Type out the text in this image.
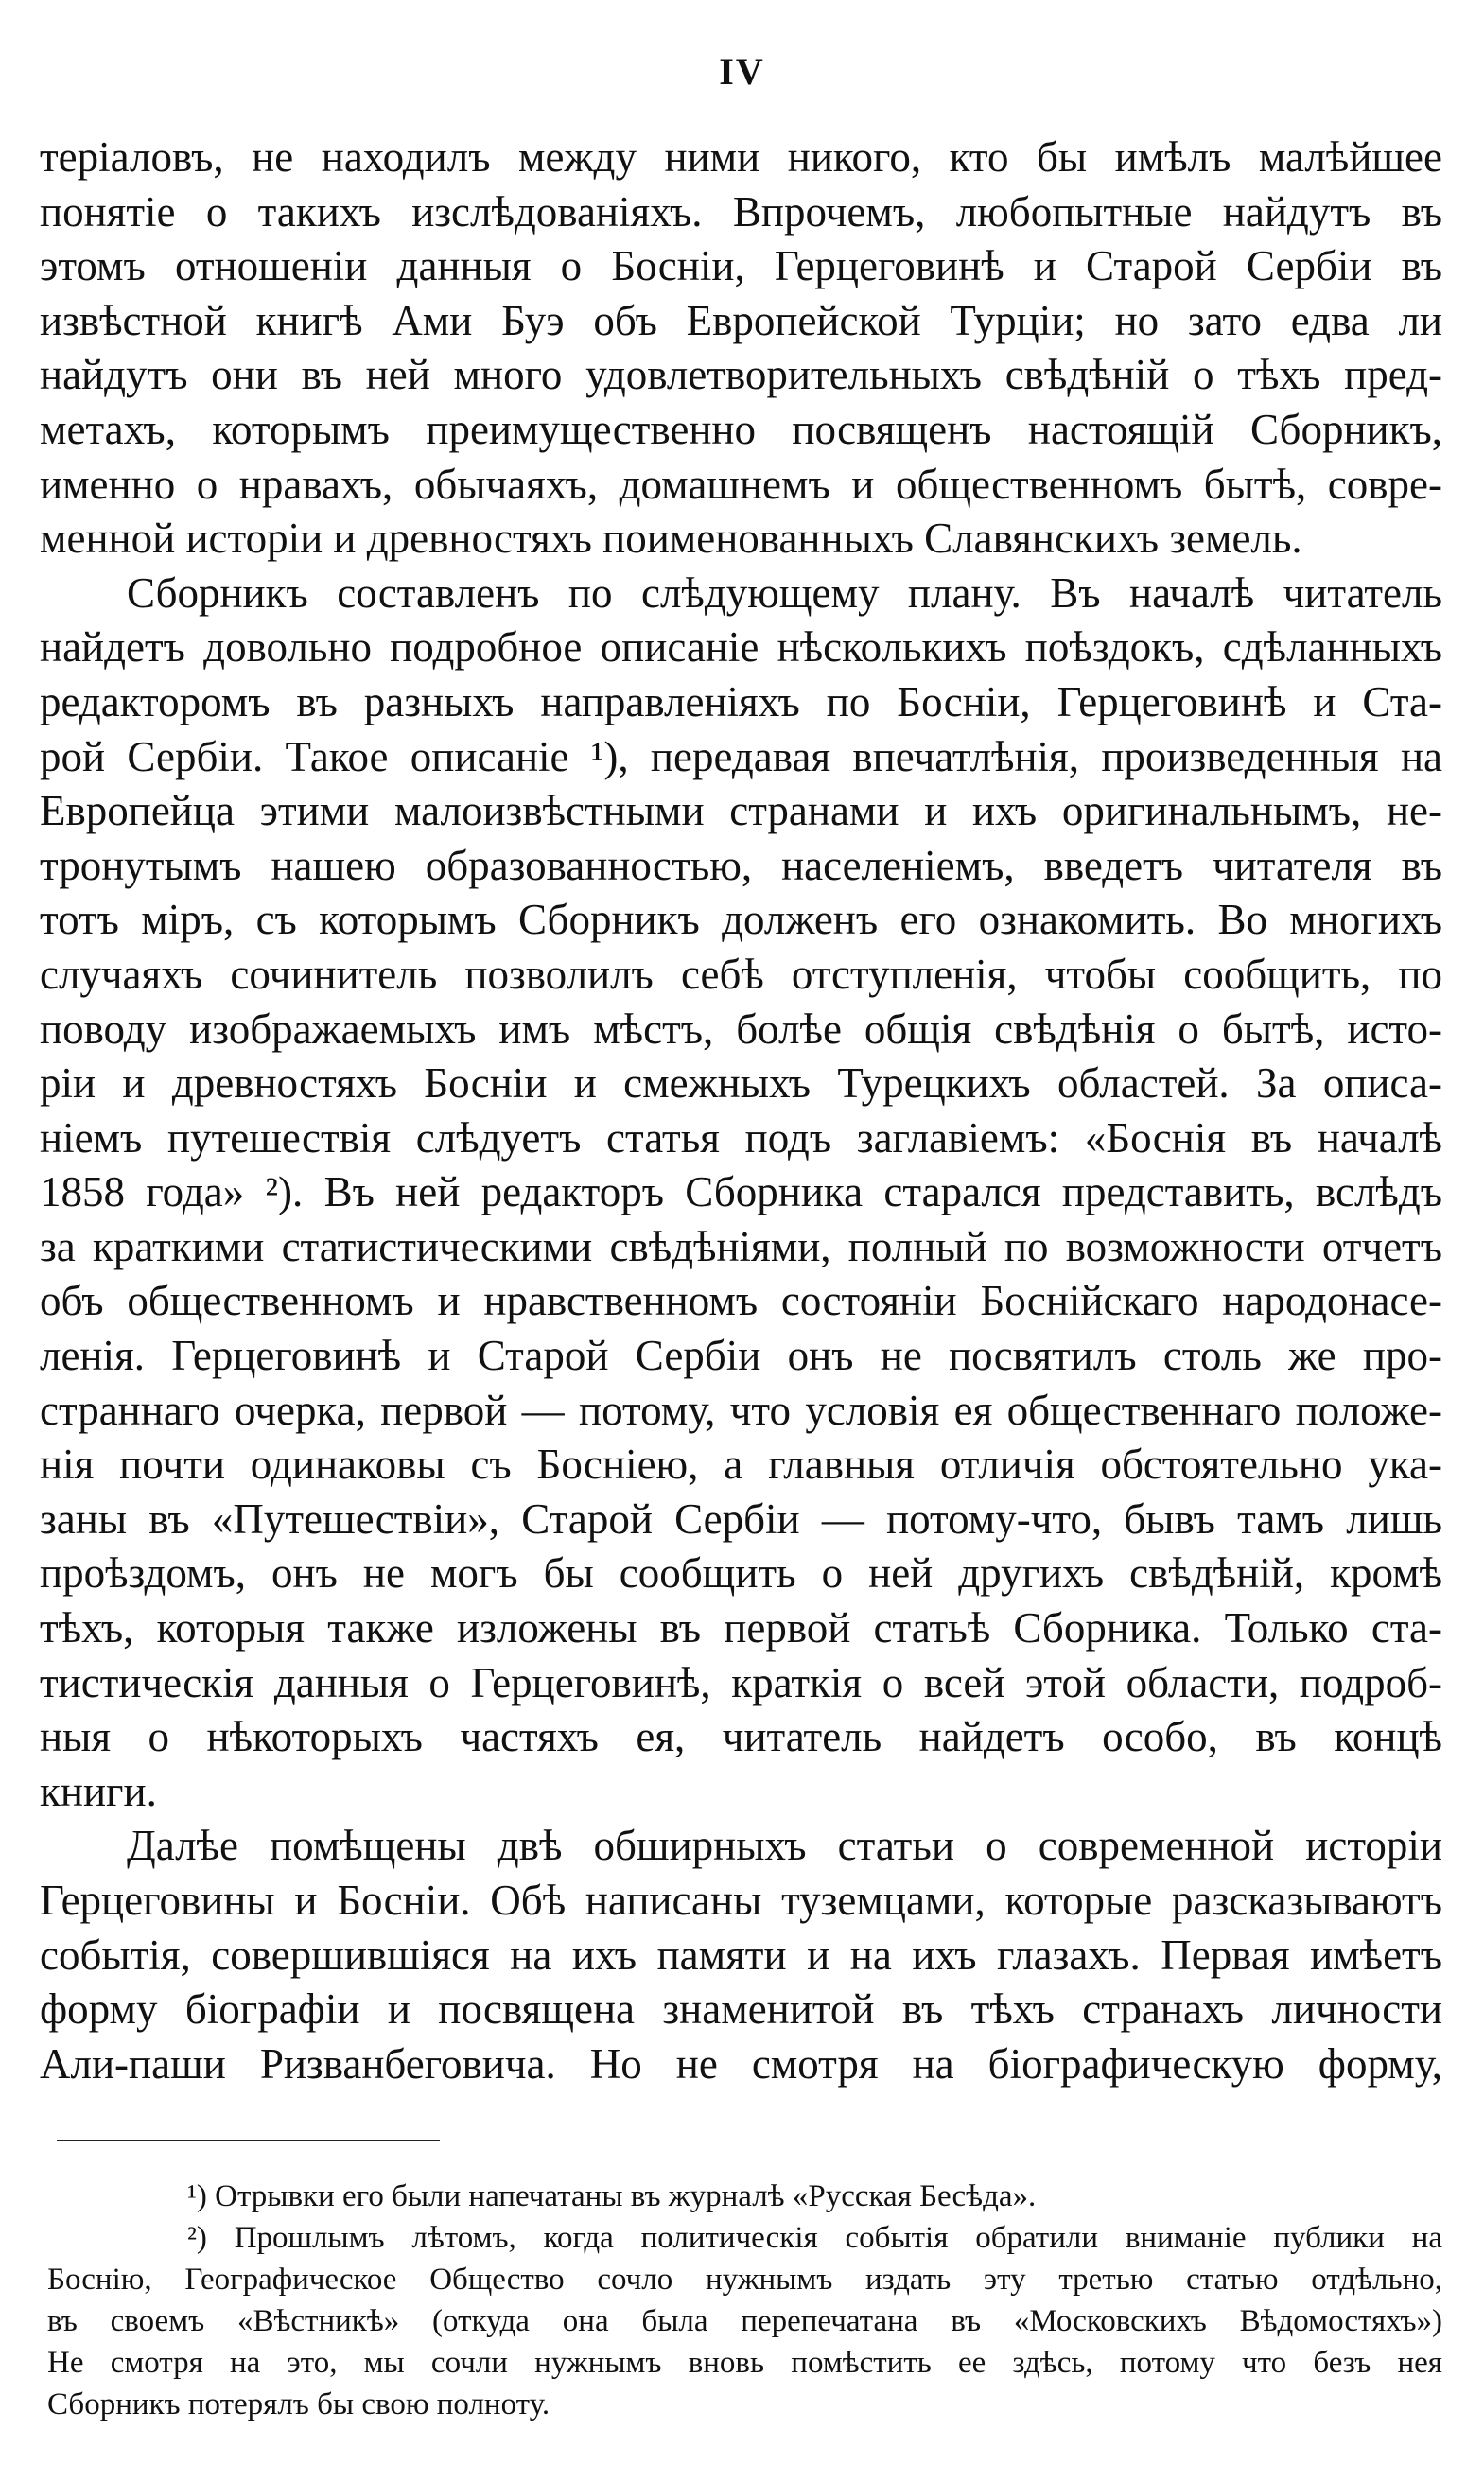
IV
теріаловъ, не находилъ между ними никого, кто бы имѣлъ малѣйшее
понятіе о такихъ изслѣдованіяхъ. Впрочемъ, любопытные найдутъ въ
этомъ отношеніи данныя о Босніи, Герцеговинѣ и Старой Сербіи въ
извѣстной книгѣ Ами Буэ объ Европейской Турціи; но зато едва ли
найдутъ они въ ней много удовлетворительныхъ свѣдѣній о тѣхъ пред-
метахъ, которымъ преимущественно посвященъ настоящій Сборникъ,
именно о нравахъ, обычаяхъ, домашнемъ и общественномъ бытѣ, совре-
менной исторіи и древностяхъ поименованныхъ Славянскихъ земель.
Сборникъ составленъ по слѣдующему плану. Въ началѣ читатель
найдетъ довольно подробное описаніе нѣсколькихъ поѣздокъ, сдѣланныхъ
редакторомъ въ разныхъ направленіяхъ по Босніи, Герцеговинѣ и Ста-
рой Сербіи. Такое описаніе ¹), передавая впечатлѣнія, произведенныя на
Европейца этими малоизвѣстными странами и ихъ оригинальнымъ, не-
тронутымъ нашею образованностью, населеніемъ, введетъ читателя въ
тотъ міръ, съ которымъ Сборникъ долженъ его ознакомить. Во многихъ
случаяхъ сочинитель позволилъ себѣ отступленія, чтобы сообщить, по
поводу изображаемыхъ имъ мѣстъ, болѣе общія свѣдѣнія о бытѣ, исто-
ріи и древностяхъ Босніи и смежныхъ Турецкихъ областей. За описа-
ніемъ путешествія слѣдуетъ статья подъ заглавіемъ: «Боснія въ началѣ
1858 года» ²). Въ ней редакторъ Сборника старался представить, вслѣдъ
за краткими статистическими свѣдѣніями, полный по возможности отчетъ
объ общественномъ и нравственномъ состояніи Боснійскаго народонасе-
ленія. Герцеговинѣ и Старой Сербіи онъ не посвятилъ столь же про-
страннаго очерка, первой — потому, что условія ея общественнаго положе-
нія почти одинаковы съ Босніею, а главныя отличія обстоятельно ука-
заны въ «Путешествіи», Старой Сербіи — потому-что, бывъ тамъ лишь
проѣздомъ, онъ не могъ бы сообщить о ней другихъ свѣдѣній, кромѣ
тѣхъ, которыя также изложены въ первой статьѣ Сборника. Только ста-
тистическія данныя о Герцеговинѣ, краткія о всей этой области, подроб-
ныя о нѣкоторыхъ частяхъ ея, читатель найдетъ особо, въ концѣ
книги.
Далѣе помѣщены двѣ обширныхъ статьи о современной исторіи
Герцеговины и Босніи. Обѣ написаны туземцами, которые разсказываютъ
событія, совершившіяся на ихъ памяти и на ихъ глазахъ. Первая имѣетъ
форму біографіи и посвящена знаменитой въ тѣхъ странахъ личности
Али-паши Ризванбеговича. Но не смотря на біографическую форму,
¹) Отрывки его были напечатаны въ журналѣ «Русская Бесѣда».
²) Прошлымъ лѣтомъ, когда политическія событія обратили вниманіе публики на
Боснію, Географическое Общество сочло нужнымъ издать эту третью статью отдѣльно,
въ своемъ «Вѣстникѣ» (откуда она была перепечатана въ «Московскихъ Вѣдомостяхъ»)
Не смотря на это, мы сочли нужнымъ вновь помѣстить ее здѣсь, потому что безъ нея
Сборникъ потерялъ бы свою полноту.
